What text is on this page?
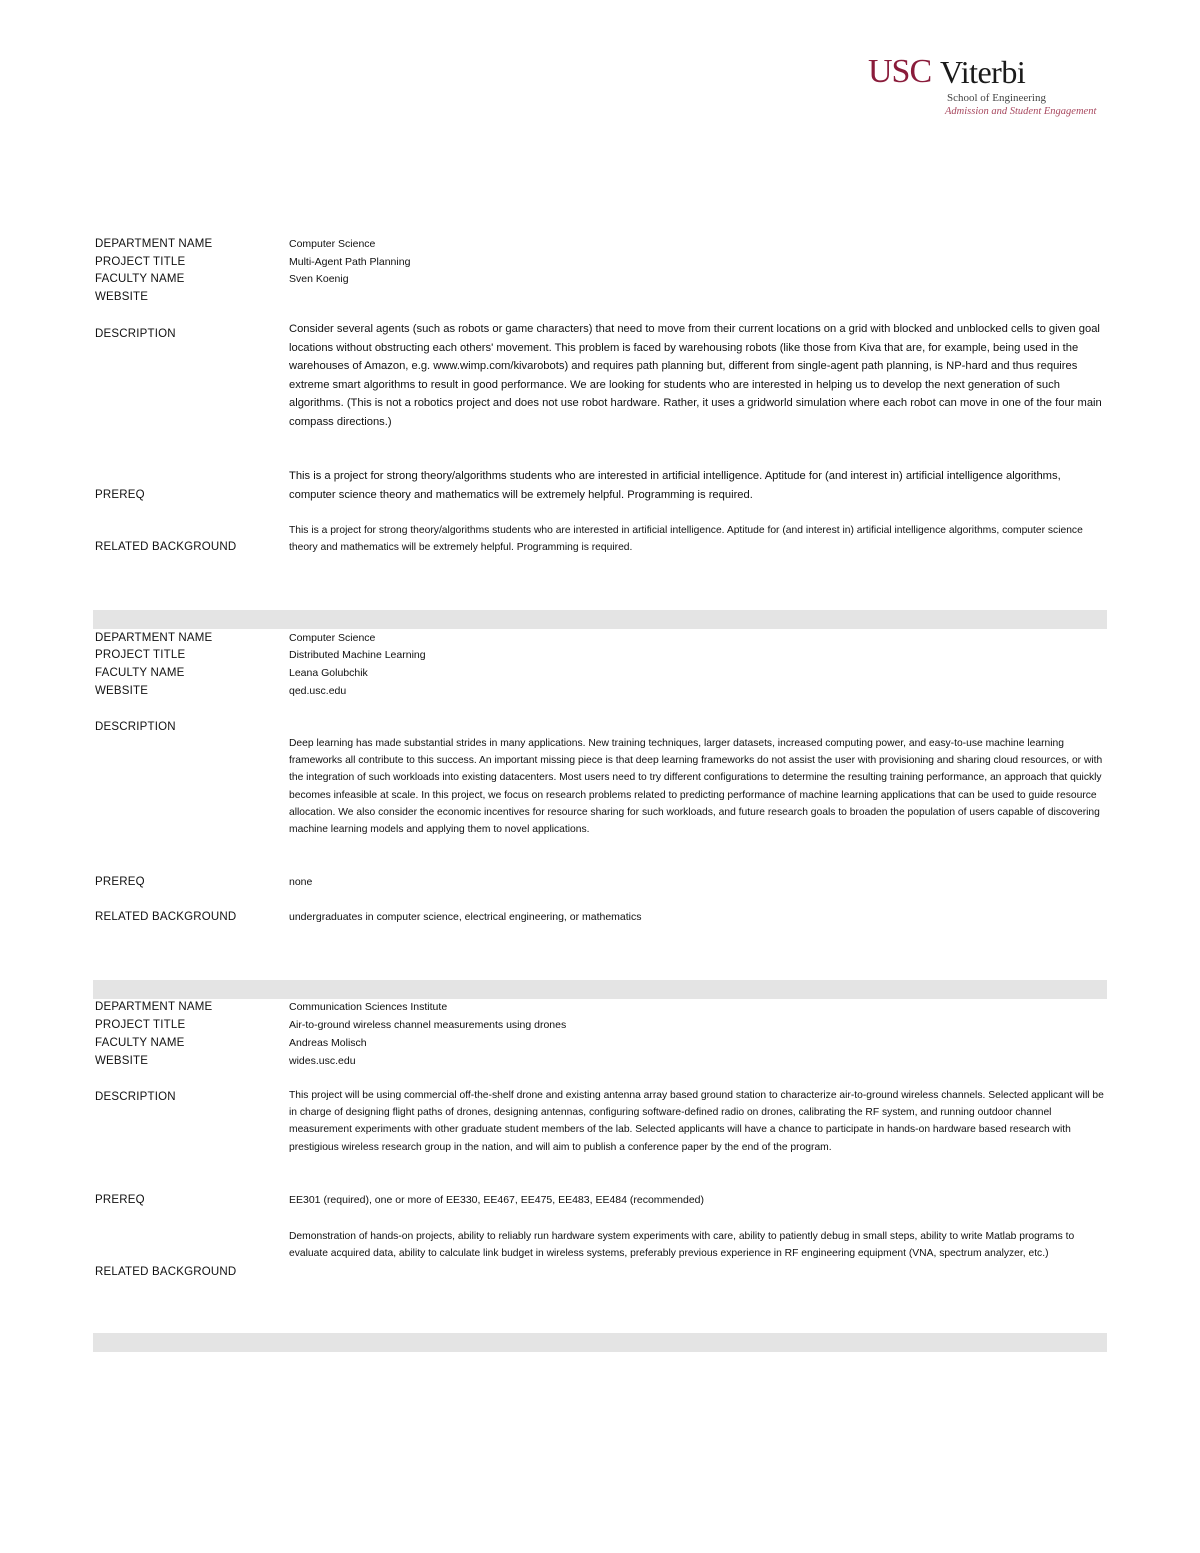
USC Viterbi
School of Engineering
Admission and Student Engagement
DEPARTMENT NAME	Computer Science
PROJECT TITLE	Multi-Agent Path Planning
FACULTY NAME	Sven Koenig
WEBSITE
DESCRIPTION	Consider several agents (such as robots or game characters) that need to move from their current locations on a grid with blocked and unblocked cells to given goal locations without obstructing each others' movement. This problem is faced by warehousing robots (like those from Kiva that are, for example, being used in the warehouses of Amazon, e.g. www.wimp.com/kivarobots) and requires path planning but, different from single-agent path planning, is NP-hard and thus requires extreme smart algorithms to result in good performance. We are looking for students who are interested in helping us to develop the next generation of such algorithms. (This is not a robotics project and does not use robot hardware. Rather, it uses a gridworld simulation where each robot can move in one of the four main compass directions.)
PREREQ
This is a project for strong theory/algorithms students who are interested in artificial intelligence. Aptitude for (and interest in) artificial intelligence algorithms, computer science theory and mathematics will be extremely helpful. Programming is required.
RELATED BACKGROUND
This is a project for strong theory/algorithms students who are interested in artificial intelligence. Aptitude for (and interest in) artificial intelligence algorithms, computer science theory and mathematics will be extremely helpful. Programming is required.
DEPARTMENT NAME	Computer Science
PROJECT TITLE	Distributed Machine Learning
FACULTY NAME	Leana Golubchik
WEBSITE	qed.usc.edu
DESCRIPTION
Deep learning has made substantial strides in many applications. New training techniques, larger datasets, increased computing power, and easy-to-use machine learning frameworks all contribute to this success. An important missing piece is that deep learning frameworks do not assist the user with provisioning and sharing cloud resources, or with the integration of such workloads into existing datacenters. Most users need to try different configurations to determine the resulting training performance, an approach that quickly becomes infeasible at scale. In this project, we focus on research problems related to predicting performance of machine learning applications that can be used to guide resource allocation. We also consider the economic incentives for resource sharing for such workloads, and future research goals to broaden the population of users capable of discovering machine learning models and applying them to novel applications.
PREREQ	none
RELATED BACKGROUND	undergraduates in computer science, electrical engineering, or mathematics
DEPARTMENT NAME	Communication Sciences Institute
PROJECT TITLE	Air-to-ground wireless channel measurements using drones
FACULTY NAME	Andreas Molisch
WEBSITE	wides.usc.edu
DESCRIPTION	This project will be using commercial off-the-shelf drone and existing antenna array based ground station to characterize air-to-ground wireless channels. Selected applicant will be in charge of designing flight paths of drones, designing antennas, configuring software-defined radio on drones, calibrating the RF system, and running outdoor channel measurement experiments with other graduate student members of the lab. Selected applicants will have a chance to participate in hands-on hardware based research with prestigious wireless research group in the nation, and will aim to publish a conference paper by the end of the program.
PREREQ	EE301 (required), one or more of EE330, EE467, EE475, EE483, EE484 (recommended)
RELATED BACKGROUND
Demonstration of hands-on projects, ability to reliably run hardware system experiments with care, ability to patiently debug in small steps, ability to write Matlab programs to evaluate acquired data, ability to calculate link budget in wireless systems, preferably previous experience in RF engineering equipment (VNA, spectrum analyzer, etc.)
